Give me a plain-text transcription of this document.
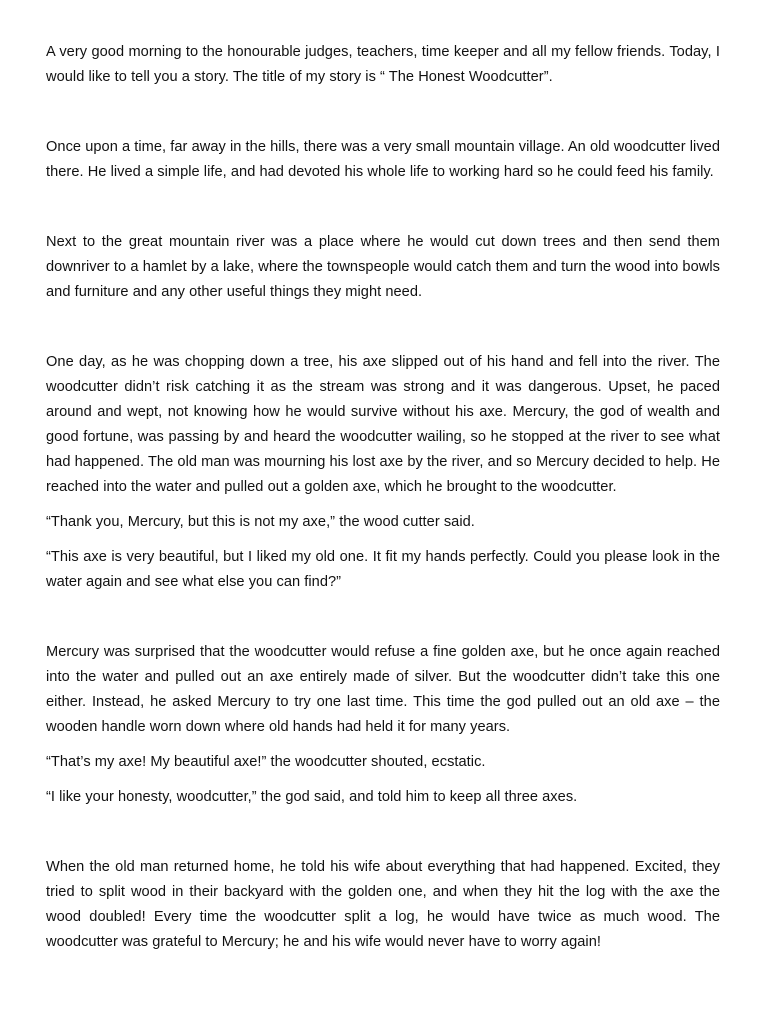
A very good morning to the honourable judges, teachers, time keeper and all my fellow friends. Today, I would like to tell you a story. The title of my story is “ The Honest Woodcutter”.

Once upon a time, far away in the hills, there was a very small mountain village. An old woodcutter lived there. He lived a simple life, and had devoted his whole life to working hard so he could feed his family.

Next to the great mountain river was a place where he would cut down trees and then send them downriver to a hamlet by a lake, where the townspeople would catch them and turn the wood into bowls and furniture and any other useful things they might need.

One day, as he was chopping down a tree, his axe slipped out of his hand and fell into the river. The woodcutter didn’t risk catching it as the stream was strong and it was dangerous. Upset, he paced around and wept, not knowing how he would survive without his axe. Mercury, the god of wealth and good fortune, was passing by and heard the woodcutter wailing, so he stopped at the river to see what had happened. The old man was mourning his lost axe by the river, and so Mercury decided to help. He reached into the water and pulled out a golden axe, which he brought to the woodcutter.

“Thank you, Mercury, but this is not my axe,” the wood cutter said.

“This axe is very beautiful, but I liked my old one. It fit my hands perfectly. Could you please look in the water again and see what else you can find?”

Mercury was surprised that the woodcutter would refuse a fine golden axe, but he once again reached into the water and pulled out an axe entirely made of silver. But the woodcutter didn’t take this one either. Instead, he asked Mercury to try one last time. This time the god pulled out an old axe – the wooden handle worn down where old hands had held it for many years.

“That’s my axe! My beautiful axe!” the woodcutter shouted, ecstatic.

“I like your honesty, woodcutter,” the god said, and told him to keep all three axes.

When the old man returned home, he told his wife about everything that had happened. Excited, they tried to split wood in their backyard with the golden one, and when they hit the log with the axe the wood doubled! Every time the woodcutter split a log, he would have twice as much wood. The woodcutter was grateful to Mercury; he and his wife would never have to worry again!
